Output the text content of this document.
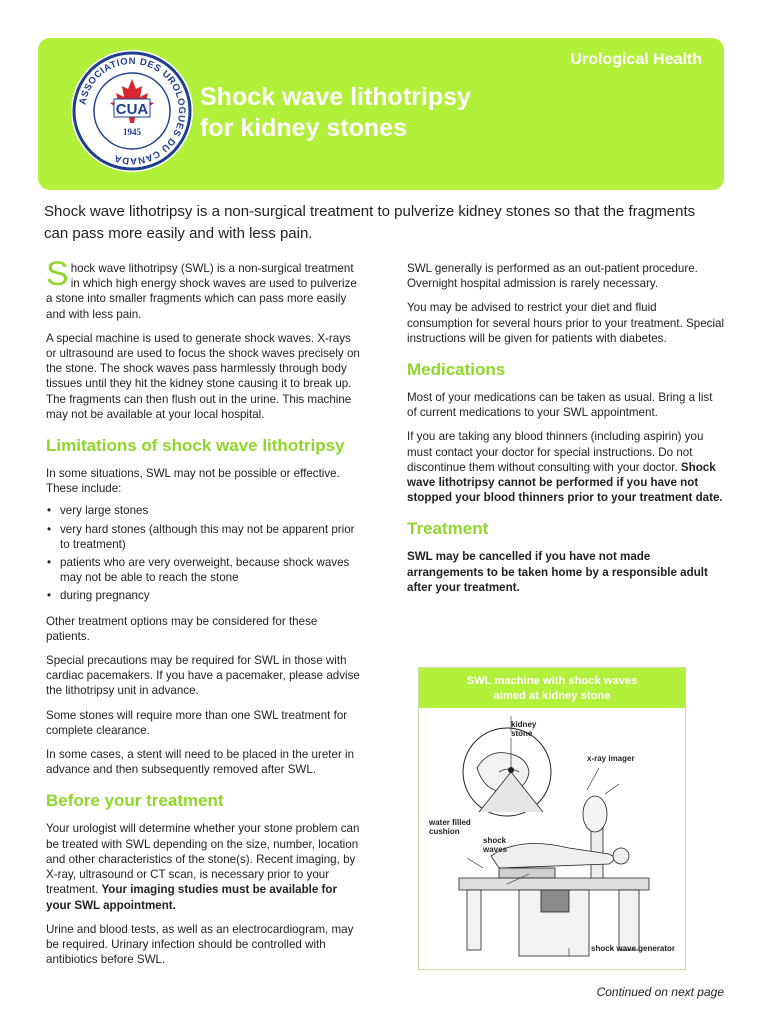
Urological Health
Shock wave lithotripsy
for kidney stones
ASSOCIATION DES UROLOGUES DU CANADA
CUA
1945
Shock wave lithotripsy is a non-surgical treatment to pulverize kidney stones so that the fragments can pass more easily and with less pain.

Shock wave lithotripsy (SWL) is a non-surgical treatment in which high energy shock waves are used to pulverize a stone into smaller fragments which can pass more easily and with less pain.

A special machine is used to generate shock waves. X-rays or ultrasound are used to focus the shock waves precisely on the stone. The shock waves pass harmlessly through body tissues until they hit the kidney stone causing it to break up. The fragments can then flush out in the urine. This machine may not be available at your local hospital.

Limitations of shock wave lithotripsy

In some situations, SWL may not be possible or effective. These include:

• very large stones
• very hard stones (although this may not be apparent prior to treatment)
• patients who are very overweight, because shock waves may not be able to reach the stone
• during pregnancy

Other treatment options may be considered for these patients.

Special precautions may be required for SWL in those with cardiac pacemakers. If you have a pacemaker, please advise the lithotripsy unit in advance.

Some stones will require more than one SWL treatment for complete clearance.

In some cases, a stent will need to be placed in the ureter in advance and then subsequently removed after SWL.

Before your treatment

Your urologist will determine whether your stone problem can be treated with SWL depending on the size, number, location and other characteristics of the stone(s). Recent imaging, by X-ray, ultrasound or CT scan, is necessary prior to your treatment. Your imaging studies must be available for your SWL appointment.

Urine and blood tests, as well as an electrocardiogram, may be required. Urinary infection should be controlled with antibiotics before SWL.

SWL generally is performed as an out-patient procedure. Overnight hospital admission is rarely necessary.

You may be advised to restrict your diet and fluid consumption for several hours prior to your treatment. Special instructions will be given for patients with diabetes.

Medications

Most of your medications can be taken as usual. Bring a list of current medications to your SWL appointment.

If you are taking any blood thinners (including aspirin) you must contact your doctor for special instructions. Do not discontinue them without consulting with your doctor. Shock wave lithotripsy cannot be performed if you have not stopped your blood thinners prior to your treatment date.

Treatment

SWL may be cancelled if you have not made arrangements to be taken home by a responsible adult after your treatment.

SWL machine with shock waves
aimed at kidney stone
kidney
stone
x-ray imager
water filled
cushion
shock
waves
shock wave generator
Continued on next page
